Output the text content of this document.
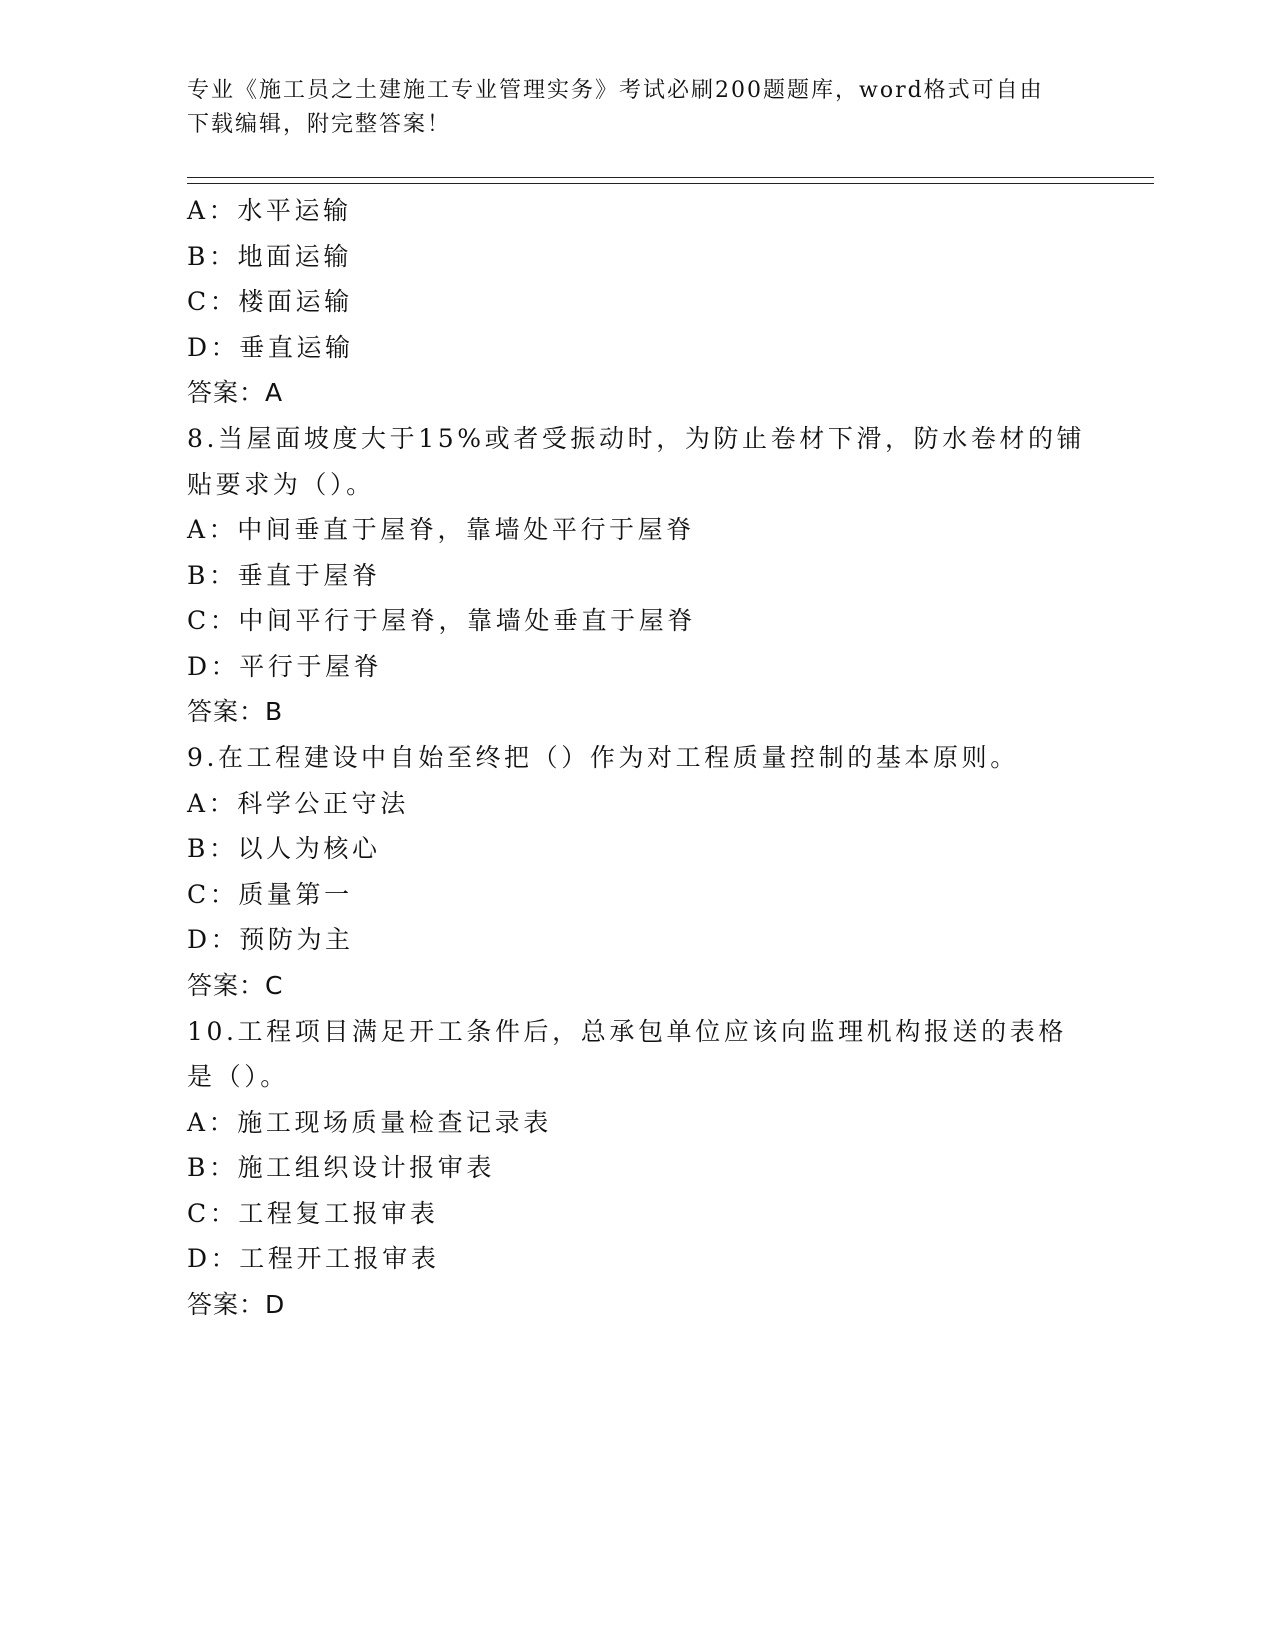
专业《施工员之土建施工专业管理实务》考试必刷200题题库，word格式可自由
下载编辑，附完整答案！
A：水平运输
B：地面运输
C：楼面运输
D：垂直运输
答案：A
8.当屋面坡度大于15%或者受振动时，为防止卷材下滑，防水卷材的铺
贴要求为（）。
A：中间垂直于屋脊，靠墙处平行于屋脊
B：垂直于屋脊
C：中间平行于屋脊，靠墙处垂直于屋脊
D：平行于屋脊
答案：B
9.在工程建设中自始至终把（）作为对工程质量控制的基本原则。
A：科学公正守法
B：以人为核心
C：质量第一
D：预防为主
答案：C
10.工程项目满足开工条件后，总承包单位应该向监理机构报送的表格
是（）。
A：施工现场质量检查记录表
B：施工组织设计报审表
C：工程复工报审表
D：工程开工报审表
答案：D
